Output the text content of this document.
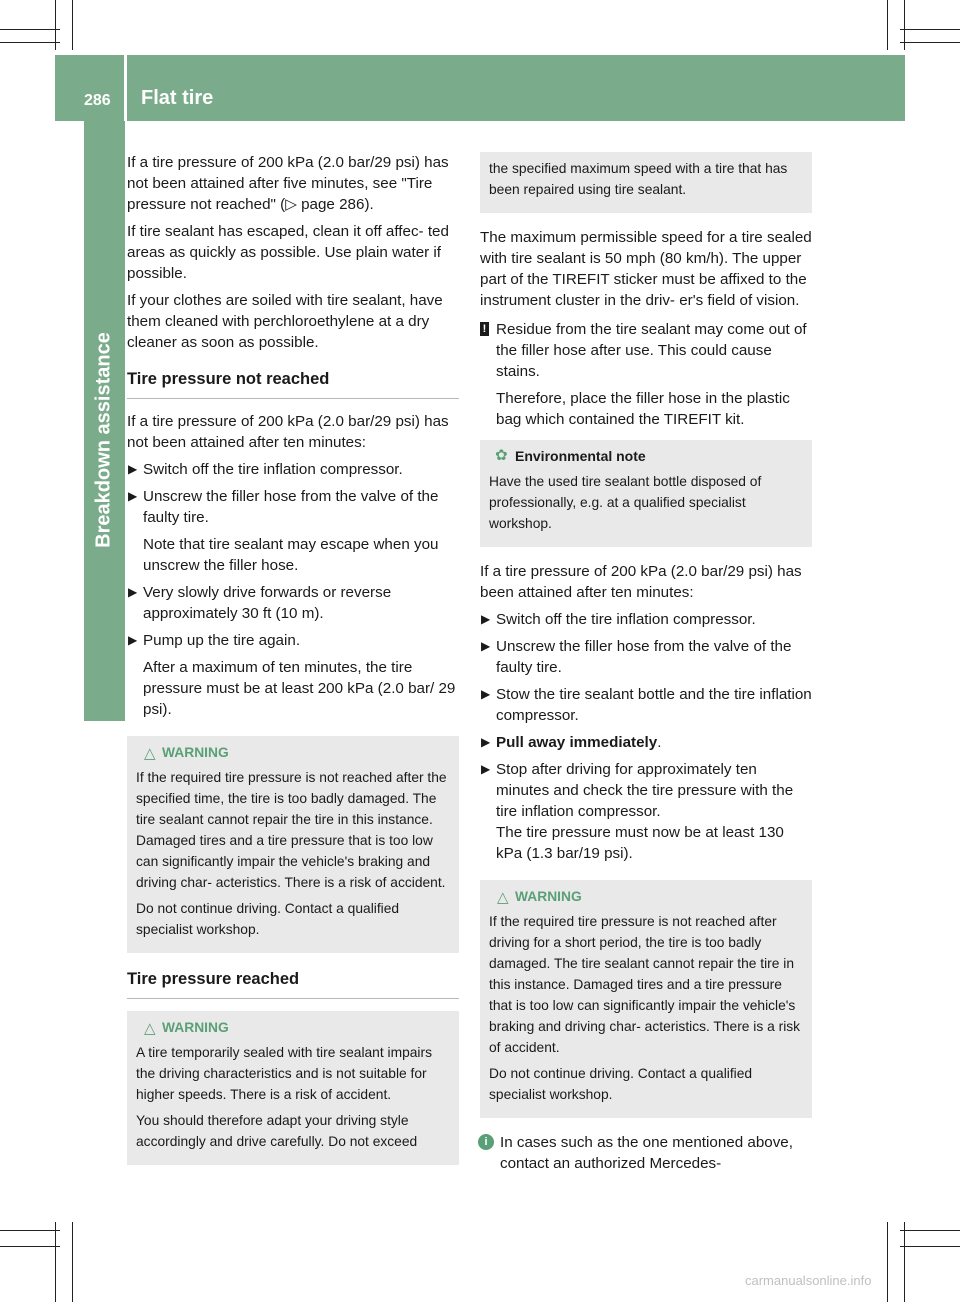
286 Flat tire
Breakdown assistance

If a tire pressure of 200 kPa (2.0 bar/29 psi) has not been attained after five minutes, see "Tire pressure not reached" (▷ page 286).

If tire sealant has escaped, clean it off affec- ted areas as quickly as possible. Use plain water if possible.

If your clothes are soiled with tire sealant, have them cleaned with perchloroethylene at a dry cleaner as soon as possible.

Tire pressure not reached

If a tire pressure of 200 kPa (2.0 bar/29 psi) has not been attained after ten minutes:

▶ Switch off the tire inflation compressor.
▶ Unscrew the filler hose from the valve of the faulty tire.
Note that tire sealant may escape when you unscrew the filler hose.
▶ Very slowly drive forwards or reverse approximately 30 ft (10 m).
▶ Pump up the tire again.
After a maximum of ten minutes, the tire pressure must be at least 200 kPa (2.0 bar/ 29 psi).
△ WARNING

If the required tire pressure is not reached after the specified time, the tire is too badly damaged. The tire sealant cannot repair the tire in this instance. Damaged tires and a tire pressure that is too low can significantly impair the vehicle's braking and driving char- acteristics. There is a risk of accident.

Do not continue driving. Contact a qualified specialist workshop.

Tire pressure reached
△ WARNING

A tire temporarily sealed with tire sealant impairs the driving characteristics and is not suitable for higher speeds. There is a risk of accident.

You should therefore adapt your driving style accordingly and drive carefully. Do not exceed

the specified maximum speed with a tire that has been repaired using tire sealant.

The maximum permissible speed for a tire sealed with tire sealant is 50 mph (80 km/h). The upper part of the TIREFIT sticker must be affixed to the instrument cluster in the driv- er's field of vision.

! Residue from the tire sealant may come out of the filler hose after use. This could cause stains.

Therefore, place the filler hose in the plastic bag which contained the TIREFIT kit.
✿ Environmental note

Have the used tire sealant bottle disposed of professionally, e.g. at a qualified specialist workshop.

If a tire pressure of 200 kPa (2.0 bar/29 psi) has been attained after ten minutes:

▶ Switch off the tire inflation compressor.
▶ Unscrew the filler hose from the valve of the faulty tire.
▶ Stow the tire sealant bottle and the tire inflation compressor.
▶ Pull away immediately.
▶ Stop after driving for approximately ten minutes and check the tire pressure with the tire inflation compressor.
The tire pressure must now be at least 130 kPa (1.3 bar/19 psi).
△ WARNING

If the required tire pressure is not reached after driving for a short period, the tire is too badly damaged. The tire sealant cannot repair the tire in this instance. Damaged tires and a tire pressure that is too low can significantly impair the vehicle's braking and driving char- acteristics. There is a risk of accident.

Do not continue driving. Contact a qualified specialist workshop.

i In cases such as the one mentioned above, contact an authorized Mercedes-

carmanualsonline.info
